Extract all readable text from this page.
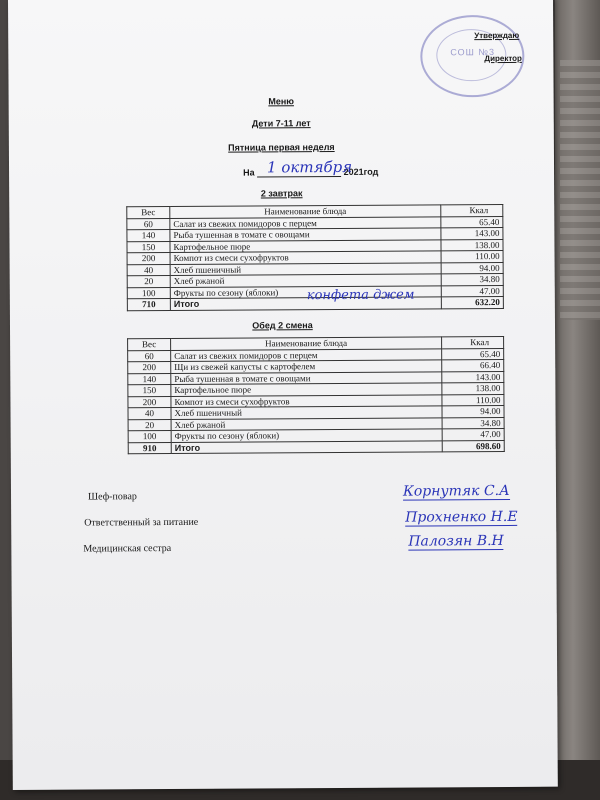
СОШ №3
Утверждаю
Директор
Меню
Дети 7-11 лет
Пятница первая неделя
На	2021год
1 октября
2 завтрак
Вес	Наименование блюда	Ккал
60	Салат из свежих помидоров с перцем	65.40
140	Рыба тушенная в томате с овощами	143.00
150	Картофельное пюре	138.00
200	Компот из смеси сухофруктов	110.00
40	Хлеб пшеничный	94.00
20	Хлеб ржаной	34.80
100	Фрукты по сезону (яблоки)	47.00
710	Итого	632.20
конфета джем
Обед 2 смена
Вес	Наименование блюда	Ккал
60	Салат из свежих помидоров с перцем	65.40
200	Щи из свежей капусты с картофелем	66.40
140	Рыба тушенная в томате с овощами	143.00
150	Картофельное пюре	138.00
200	Компот из смеси сухофруктов	110.00
40	Хлеб пшеничный	94.00
20	Хлеб ржаной	34.80
100	Фрукты по сезону (яблоки)	47.00
910	Итого	698.60
Шеф-повар	Корнутяк С.А
Ответственный за питание	Прохненко Н.Е
Медицинская сестра	Палозян В.Н
